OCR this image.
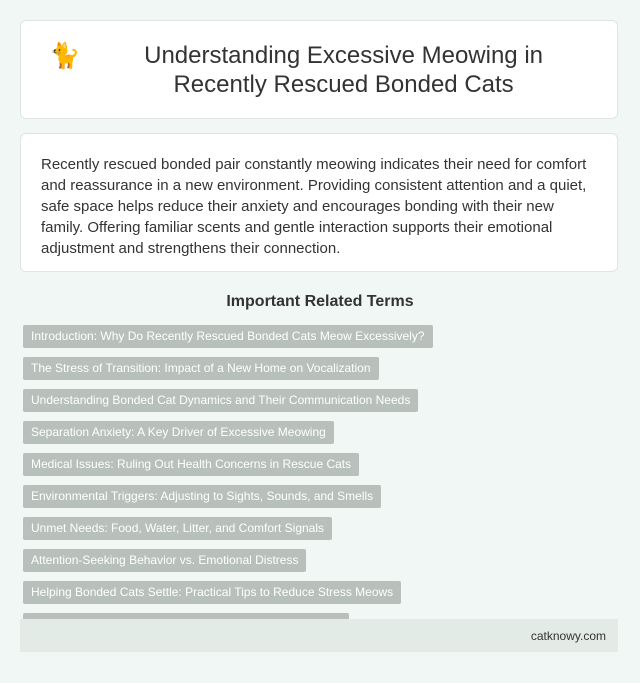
🐈	Understanding Excessive Meowing in Recently Rescued Bonded Cats

Recently rescued bonded pair constantly meowing indicates their need for comfort and reassurance in a new environment. Providing consistent attention and a quiet, safe space helps reduce their anxiety and encourages bonding with their new family. Offering familiar scents and gentle interaction supports their emotional adjustment and strengthens their connection.

Important Related Terms
Introduction: Why Do Recently Rescued Bonded Cats Meow Excessively?
The Stress of Transition: Impact of a New Home on Vocalization
Understanding Bonded Cat Dynamics and Their Communication Needs
Separation Anxiety: A Key Driver of Excessive Meowing
Medical Issues: Ruling Out Health Concerns in Rescue Cats
Environmental Triggers: Adjusting to Sights, Sounds, and Smells
Unmet Needs: Food, Water, Litter, and Comfort Signals
Attention-Seeking Behavior vs. Emotional Distress
Helping Bonded Cats Settle: Practical Tips to Reduce Stress Meows
catknowy.com
